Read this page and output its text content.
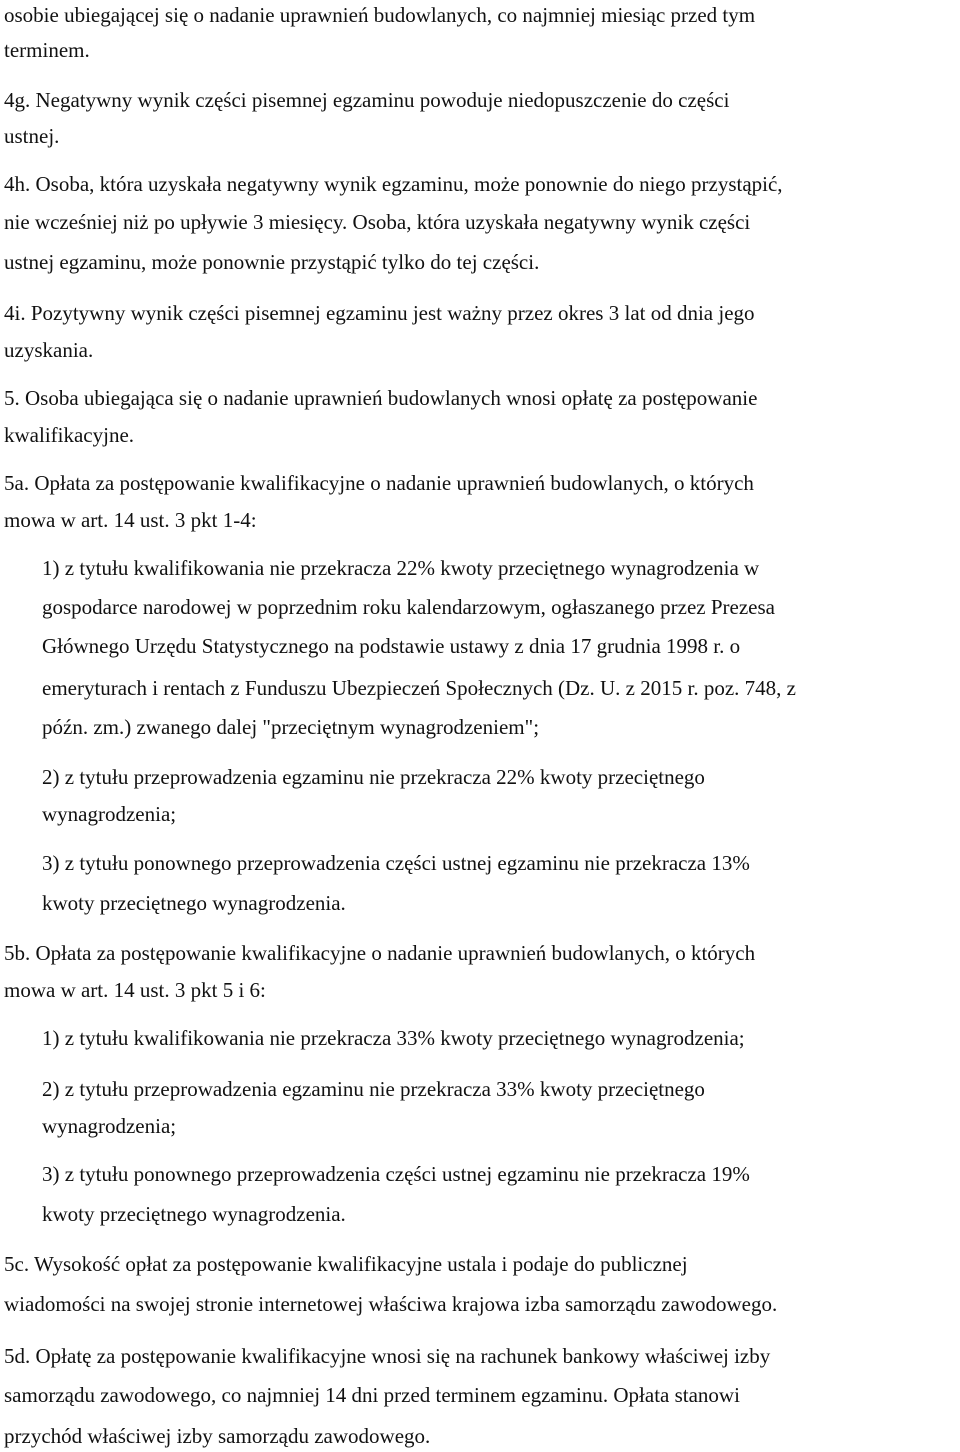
osobie ubiegającej się o nadanie uprawnień budowlanych, co najmniej miesiąc przed tym
terminem.
4g. Negatywny wynik części pisemnej egzaminu powoduje niedopuszczenie do części
ustnej.
4h. Osoba, która uzyskała negatywny wynik egzaminu, może ponownie do niego przystąpić,
nie wcześniej niż po upływie 3 miesięcy. Osoba, która uzyskała negatywny wynik części
ustnej egzaminu, może ponownie przystąpić tylko do tej części.
4i. Pozytywny wynik części pisemnej egzaminu jest ważny przez okres 3 lat od dnia jego
uzyskania.
5. Osoba ubiegająca się o nadanie uprawnień budowlanych wnosi opłatę za postępowanie
kwalifikacyjne.
5a. Opłata za postępowanie kwalifikacyjne o nadanie uprawnień budowlanych, o których
mowa w art. 14 ust. 3 pkt 1-4:
1) z tytułu kwalifikowania nie przekracza 22% kwoty przeciętnego wynagrodzenia w
gospodarce narodowej w poprzednim roku kalendarzowym, ogłaszanego przez Prezesa
Głównego Urzędu Statystycznego na podstawie ustawy z dnia 17 grudnia 1998 r. o
emeryturach i rentach z Funduszu Ubezpieczeń Społecznych (Dz. U. z 2015 r. poz. 748, z
późn. zm.) zwanego dalej "przeciętnym wynagrodzeniem";
2) z tytułu przeprowadzenia egzaminu nie przekracza 22% kwoty przeciętnego
wynagrodzenia;
3) z tytułu ponownego przeprowadzenia części ustnej egzaminu nie przekracza 13%
kwoty przeciętnego wynagrodzenia.
5b. Opłata za postępowanie kwalifikacyjne o nadanie uprawnień budowlanych, o których
mowa w art. 14 ust. 3 pkt 5 i 6:
1) z tytułu kwalifikowania nie przekracza 33% kwoty przeciętnego wynagrodzenia;
2) z tytułu przeprowadzenia egzaminu nie przekracza 33% kwoty przeciętnego
wynagrodzenia;
3) z tytułu ponownego przeprowadzenia części ustnej egzaminu nie przekracza 19%
kwoty przeciętnego wynagrodzenia.
5c. Wysokość opłat za postępowanie kwalifikacyjne ustala i podaje do publicznej
wiadomości na swojej stronie internetowej właściwa krajowa izba samorządu zawodowego.
5d. Opłatę za postępowanie kwalifikacyjne wnosi się na rachunek bankowy właściwej izby
samorządu zawodowego, co najmniej 14 dni przed terminem egzaminu. Opłata stanowi
przychód właściwej izby samorządu zawodowego.
